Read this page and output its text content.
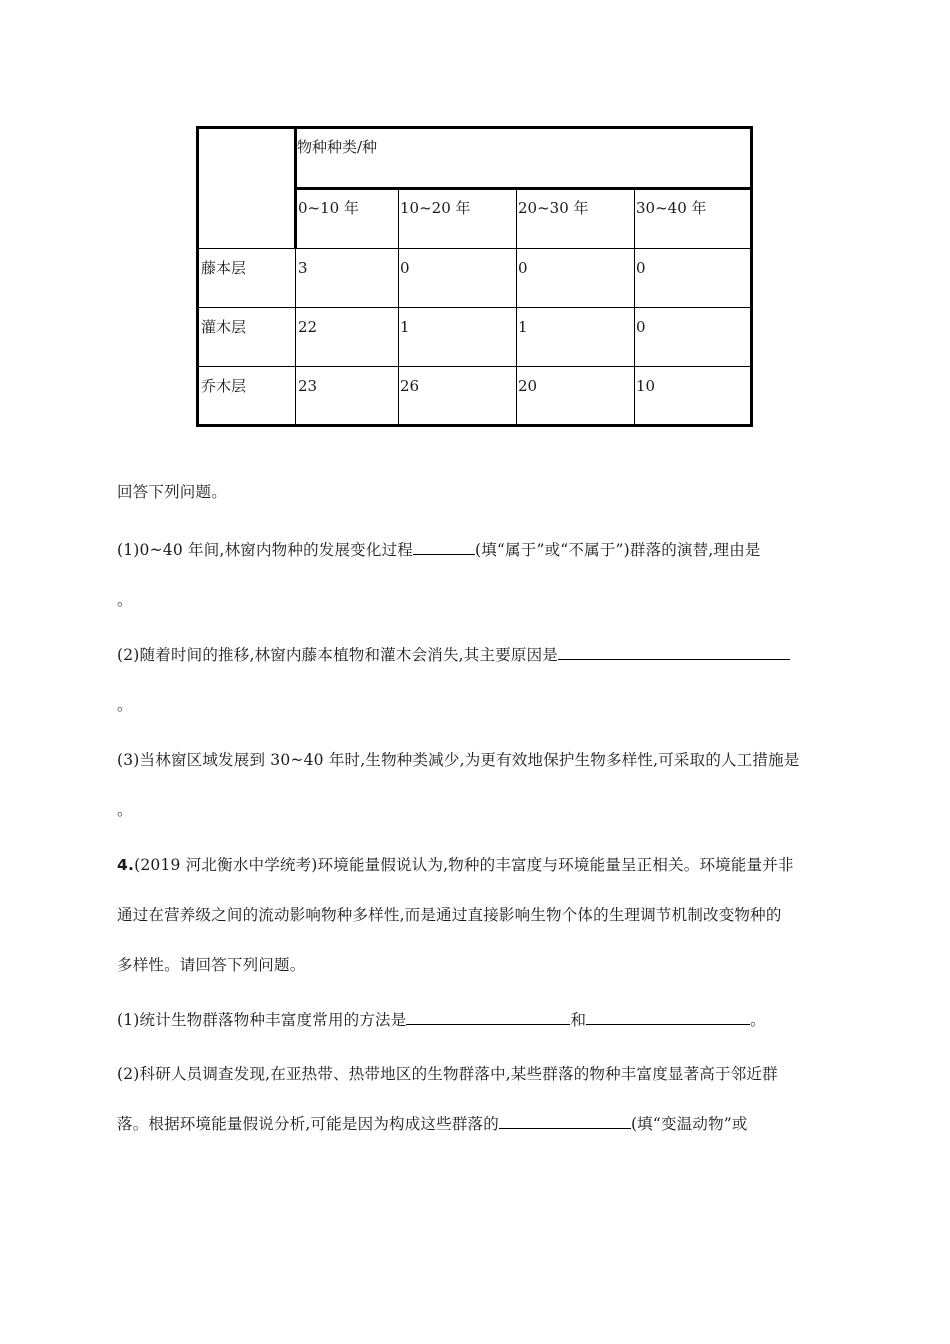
物种种类/种
0~10 年	10~20 年	20~30 年	30~40 年
藤本层	3	0	0	0
灌木层	22	1	1	0
乔木层	23	26	20	10
回答下列问题。
(1)0~40 年间,林窗内物种的发展变化过程	(填“属于”或“不属于”)群落的演替,理由是
。
(2)随着时间的推移,林窗内藤本植物和灌木会消失,其主要原因是
。
(3)当林窗区域发展到 30~40 年时,生物种类减少,为更有效地保护生物多样性,可采取的人工措施是
。
4.(2019 河北衡水中学统考)环境能量假说认为,物种的丰富度与环境能量呈正相关。环境能量并非
通过在营养级之间的流动影响物种多样性,而是通过直接影响生物个体的生理调节机制改变物种的
多样性。请回答下列问题。
(1)统计生物群落物种丰富度常用的方法是	和	。
(2)科研人员调查发现,在亚热带、热带地区的生物群落中,某些群落的物种丰富度显著高于邻近群
落。根据环境能量假说分析,可能是因为构成这些群落的	(填“变温动物”或
